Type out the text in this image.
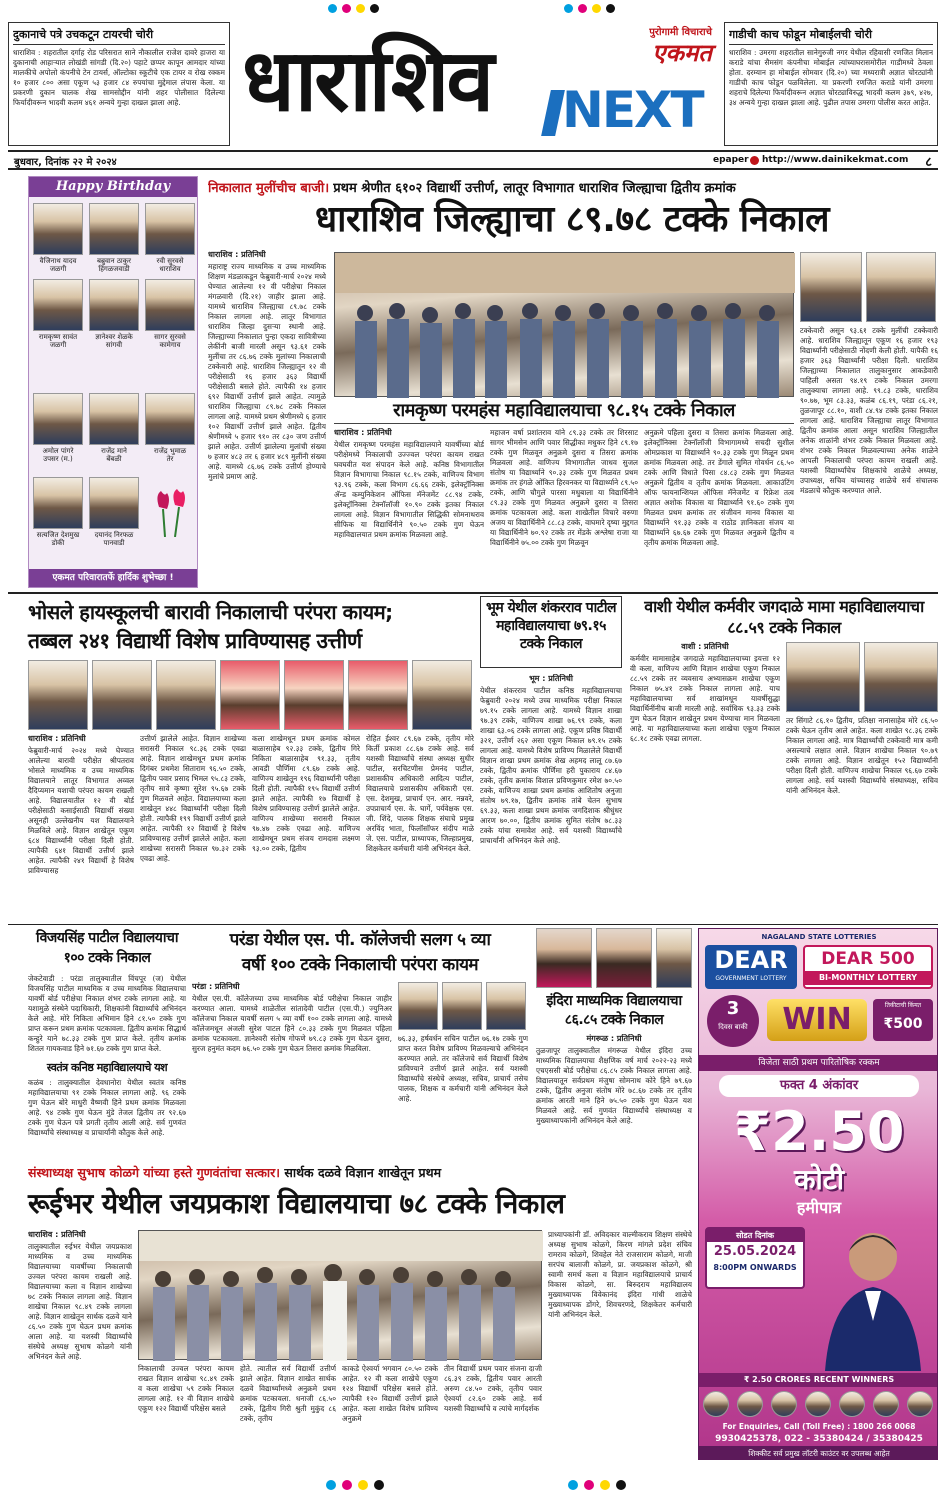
दुकानाचे पत्रे उचकटून टायरची चोरी
धाराशिव : शहरातील दर्गाह रोड परिसरात साने नौकालील राजेश दावरे हाजरा या दुकानाची आहाऱ्यात लोखंडी सांगडी (दि.२०) पहाटे छप्पर कापून आमदार यांच्या मालकीचे अपोलो कंपनीचे टेन टायर्स, ऑल्टोका स्कूटीचे एक टायर व रोख रक्कम १० हजार ८०० असा एकूण ५३ हजार ८४ रुपयांचा मुद्देमाल लंपास केला. या प्रकरणी दुकान चालक शेख सामसोद्दीन यांनी शहर पोलीसात दिलेल्या फिर्यादीवरून भादवी कलम ४६१ अन्वये गुन्हा दाखल झाला आहे. धाराशिव	पुरोगामी विचाराचे
एकमत
NEXT
गाडीची काच फोडून मोबाईलची चोरी
धाराशिव : उमरगा शहरातील सानेगुरुजी नगर येथील रहिवासी रणजित मिलान कराडे यांचा सैमसंग कंपनीचा मोबाईल त्यांच्याघरासमोरील गाडीमध्ये ठेवला होता. दरम्यान हा मोबाईल सोमवार (दि.२०) च्या मध्यरात्री अज्ञात चोरट्यांनी गाडीची काच फोडून पळविलेला. या प्रकरणी रणजित कराडे यांनी उमरगा शहराचे दिलेल्या फिर्यादीवरून अज्ञात चोरट्याविरुद्ध भादवी कलम ३७९, ४२७, ३४ अन्वये गुन्हा दाखल झाला आहे. पुढील तपास उमरगा पोलीस करत आहेत.
बुधवार, दिनांक २२ मे २०२४	epaper http://www.dainikekmat.com ८
Happy Birthday
वैजिनाथ यादव
जळगी
बब्रुवान ठाकुर
हिंगळजवाडी
रवी सुरवसे
धाराशिव
रामकृष्ण सावंत
जळगी
ज्ञानेश्वर शेळके
सांगवी
सागर सुरवसे
कामेगाव
अमोल पांगरे
उपसर (म.)
राजेंद्र माने
बेंबळी
राजेंद्र भुमाळ
तेर
सत्यजित देशमुख
डोकी
दयानंद निरफळ
पानवाडी
एकमत परिवारातर्फे हार्दिक शुभेच्छा !
निकालात मुलींचीच बाजी। प्रथम श्रेणीत ६१०२ विद्यार्थी उत्तीर्ण, लातूर विभागात धाराशिव जिल्ह्याचा द्वितीय क्रमांक
धाराशिव जिल्ह्याचा ८९.७८ टक्के निकाल
धाराशिव : प्रतिनिधी
महाराष्ट्र राज्य माध्यमिक व उच्च माध्यमिक शिक्षण मंडळाकडून फेब्रुवारी-मार्च २०२४ मध्ये घेण्यात आलेल्या १२ वी परीक्षेचा निकाल मंगळवारी (दि.२१) जाहीर झाला आहे. यामध्ये धाराशिव जिल्ह्याचा ८९.७८ टक्के निकाल लागला आहे. लातूर विभागात धाराशिव जिल्हा दुसऱ्या स्थानी आहे. जिल्ह्याच्या निकालात पुन्हा एकदा सावित्रीच्या लेकींनी बाजी मारली असून ९३.६१ टक्के मुलींचा तर ८६.७६ टक्के मुलांच्या निकालाची टक्केवारी आहे. धाराशिव जिल्ह्यातून १२ वी परीक्षेसाठी १६ हजार ३६३ विद्यार्थी परीक्षेसाठी बसले होते. त्यापैकी १४ हजार ६९२ विद्यार्थी उत्तीर्ण झाले आहेत. त्यामुळे धाराशिव जिल्ह्याचा ८९.७८ टक्के निकाल लागला आहे. यामध्ये प्रथम श्रेणीमध्ये ६ हजार १०२ विद्यार्थी उत्तीर्ण झाले आहेत. द्वितीय श्रेणीमध्ये ५ हजार ९१० तर ८३० जण उत्तीर्ण झाले आहेत. उत्तीर्ण झालेल्या मुलांची संख्या ७ हजार ४८३ तर ६ हजार ४८९ मुलींनी संख्या आहे. यामध्ये ८६.७६ टक्के उत्तीर्ण होण्याचे मुलांचे प्रमाण आहे.
रामकृष्ण परमहंस महाविद्यालयाचा ९८.१५ टक्के निकाल
धाराशिव : प्रतिनिधी
येथील रामकृष्ण परमहंस महाविद्यालयाने यावर्षीच्या बोर्ड परीक्षेमध्ये निकालाची उज्ज्वल परंपरा कायम राखत घवघवीत यश संपादन केले आहे. कनिष्ठ विभागातील विज्ञान विभागाचा निकाल ९८.१५ टक्के, वाणिज्य विभाग ९३.९६ टक्के, कला विभाग ८६.६६ टक्के, इलेक्ट्रॉनिक्स ॲन्ड कम्युनिकेशन ऑफिस मॅनेजमेंट ८८.९४ टक्के, इलेक्ट्रॉनिक्स टेक्नॉलॉजी १०.९० टक्के इतका निकाल लागला आहे. विज्ञान विभागातील सिद्धिकी सोमनाथराव सीफिक या विद्यार्थिनीने ९०.५० टक्के गुण घेऊन महाविद्यालयात प्रथम क्रमांक मिळवला आहे.
महाजन वर्षा प्रशांतराव यांने ८९.३३ टक्के तर शिरसाट सागर भीमसेन आणि पवार सिद्धीका मधुकर हिने ८९.१७ टक्के गुण मिळवून अनुक्रमे दुसरा व तिसरा क्रमांक मिळवला आहे. वाणिज्य विभागातील जाधव सुजल संतोष या विद्यार्थ्याने ९०.३३ टक्के गुण मिळवत प्रथम क्रमांक तर हंगळे ओंकित हिरवनकर या विद्यार्थ्याने ८९.५० टक्के, आणि चौगुले पारसा मधुबाला या विद्यार्थिनीने ८९.३३ टक्के गुण मिळवत अनुक्रमे दुसरा व तिसरा क्रमांक पटकावला आहे. कला शाखेतील विचारे वरुणा अजय या विद्यार्थिनीने ८८.८३ टक्के, वाघमारे दृष्या मुद्दगत या विद्यार्थिनीने ७०.९२ टक्के तर मेंडके अश्लेषा राजा या विद्यार्थिनीने ७५.०० टक्के गुण मिळवून
अनुक्रमे पहिला दुसरा व तिसरा क्रमांक मिळवला आहे. इलेक्ट्रॉनिक्स टेक्नॉलॉजी विभागामध्ये सचदी सुशील ओमप्रकाश या विद्यार्थ्याने ९०.३३ टक्के गुण मिळून प्रथम क्रमांक मिळवला आहे. तर डेंगाले सुमित गोवर्धन ८६.५० टक्के आणि विधाते पिसा ८४.८३ टक्के गुण मिळवत अनुक्रमे द्वितीय व तृतीय क्रमांक मिळवला. आकाउंटिंग ऑफ फायनान्शियल ऑफिस मॅनेजमेंट व रिफ्रेश तत्व अज्ञात अशोक विकास या विद्यार्थ्याने ९१.६० टक्के गुण मिळवत प्रथम क्रमांक तर संजीवन मानव विकास या विद्यार्थ्याने ९१.३३ टक्के व राठोड ज्ञानिकता संजय या विद्यार्थ्याने ६७.६७ टक्के गुण मिळवत अनुक्रमे द्वितीय व तृतीय क्रमांक मिळवला आहे.
टक्केवारी असून ९३.६१ टक्के मुलींची टक्केवारी आहे. धाराशिव जिल्ह्यातून एकूण १६ हजार १९३ विद्यार्थ्यांनी परीक्षेसाठी नोंदणी केली होती. यापैकी १६ हजार ३६३ विद्यार्थ्यांनी परीक्षा दिली. धाराशिव जिल्ह्याच्या निकालात तालुकानुसार आकडेवारी पाहिली असता ९४.१९ टक्के निकाल उमरगा तालुक्याचा लागला आहे. ९९.८३ टक्के, धाराशिव ९०.७७, भूम ८३.३३, कळंब ८६.१९, परंडा ८६.२१, तुळजापूर ८८.१०, वाशी ८४.९४ टक्के इतका निकाल लागला आहे. धाराशिव जिल्ह्याचा लातूर विभागात द्वितीय क्रमांक आला असून धाराशिव जिल्ह्यातील अनेक शाळांनी शंभर टक्के निकाल मिळवला आहे. शंभर टक्के निकाल मिळवल्याच्या अनेक शाळेने आपली निकालाची परंपरा कायम राखली आहे. यशस्वी विद्यार्थ्यांचेच शिक्षकांचे शाळेचे अध्यक्ष, उपाध्यक्ष, सचिव यांच्यासह शाळेचे सर्व संचालक मंडळाचे कौतुक करण्यात आले.
भोसले हायस्कूलची बारावी निकालाची परंपरा कायम;
तब्बल २४१ विद्यार्थी विशेष प्राविण्यासह उत्तीर्ण
धाराशिव : प्रतिनिधी
फेब्रुवारी-मार्च २०२४ मध्ये घेण्यात आलेल्या बारावी परीक्षेत श्रीपतराव भोसले माध्यमिक व उच्च माध्यमिक विद्यालयाने लातूर विभागात अव्वल दैदिप्यमान यशाची परंपरा कायम राखली आहे. विद्यालयातील १२ वी बोर्ड परीक्षेसाठी कसाईसाठी विद्यार्थी संख्या असूनही उल्लेखनीय यश विद्यालयाने मिळविले आहे. विज्ञान शाखेतून एकूण ६८४ विद्यार्थ्यांनी परीक्षा दिली होती. त्यापैकी ६४१ विद्यार्थी उत्तीर्ण झाले आहेत. त्यापैकी २४१ विद्यार्थी हे विशेष प्राविण्यासह
उत्तीर्ण झालेले आहेत. विज्ञान शाखेच्या सरासरी निकाल ९८.३६ टक्के एवढा आहे. विज्ञान शाखेमधून प्रथम क्रमांक दिगंबर प्रथमेश सिताराम ९६.५० टक्के, द्वितीय पवार प्रसाद भिमल ९५.८३ टक्के, तृतीय सावे कृष्णा सुरेश ९५.६७ टक्के गुण मिळवले आहेत. विद्यालयाच्या कला शाखेतून ४४८ विद्यार्थ्यांनी परीक्षा दिली होती. त्यापैकी १९९ विद्यार्थी उत्तीर्ण झाले आहेत. त्यापैकी १२ विद्यार्थी हे विशेष प्राविण्यासह उत्तीर्ण झालेले आहेत. कला शाखेच्या सरासरी निकाल ९७.३२ टक्के एवढा आहे.
कला शाखेमधून प्रथम क्रमांक कोमल बाळासाहेब ९२.३३ टक्के, द्वितीय गिरे निकिता बाळासाहेब ९१.३३, तृतीय आवडी पौर्णिमा ८९.६७ टक्के आहे. वाणिज्य शाखेतून १९६ विद्यार्थ्यांनी परीक्षा दिली होती. त्यापैकी १९५ विद्यार्थी उत्तीर्ण झाले आहेत. त्यापैकी १७ विद्यार्थी हे विशेष प्राविण्यासह उत्तीर्ण झालेले आहेत. वाणिज्य शाखेच्या सरासरी निकाल ९७.४७ टक्के एवढा आहे. वाणिज्य शाखेमधून प्रथम संजय रामदास लक्ष्मण ९३.०० टक्के, द्वितीय
रोहित ईश्वर ८९.६७ टक्के, तृतीय मोरे किर्ती प्रकाश ८८.६७ टक्के आहे. सर्व यशस्वी विद्यार्थ्यांचे संस्था अध्यक्ष सुधीर पाटील, सरचिटणीस प्रेमनंद पाटील, प्रशासकीय अधिकारी आदित्य पाटील, विद्यालयाचे प्रशासकीय अधिकारी एस. एस. देशमुख, प्राचार्य एन. आर. नन्नवरे, उपप्राचार्य एस. के. घार्गे, पर्यवेक्षक एस. जी. शिंदे, पालक शिक्षक संघाचे प्रमुख अरविंद भाता, फिलॉसॉफर संदीप माळे जे. एस. पाटील, प्राध्यापक, जिल्हाप्रमुख, शिक्षकेतर कर्मचारी यांनी अभिनंदन केले.
भूम येथील शंकरराव पाटील महाविद्यालयाचा ७९.१५ टक्के निकाल
भूम : प्रतिनिधी
येथील शंकरराव पाटील कनिष्ठ महाविद्यालयाचा फेब्रुवारी २०२४ मध्ये उच्च माध्यमिक परीक्षा निकाल ७९.१५ टक्के लागला आहे. यामध्ये विज्ञान शाखा ९७.३९ टक्के, वाणिज्य शाखा ७६.९९ टक्के, कला शाखा ६३.०६ टक्के लागला आहे. एकूण प्रविष्ठ विद्यार्थी ३२१, उत्तीर्ण २६२ असा एकूण निकाल ७९.१५ टक्के लागला आहे. यामध्ये विशेष प्राविण्य मिळालेले विद्यार्थी विज्ञान शाखा प्रथम क्रमांक शेख अहमद लालू ८७.६७ टक्के, द्वितीय क्रमांक पौर्णिमा हरी पुकाराय ८४.६७ टक्के, तृतीय क्रमांक विशाल प्रविणकुमार रमेश ७०.५० टक्के, वाणिज्य शाखा प्रथम क्रमांक आशितोष अनुजा संतोष ७९.१७, द्वितीय क्रमांक तांबे चेतन सुभाष ६९.३३, कला शाखा प्रथम क्रमांक जगदिशाक श्रीधुंधर आरण ७०.००, द्वितीय क्रमांक सुमित संतोष ७८.३३ टक्के यांचा समावेश आहे. सर्व यशस्वी विद्यार्थ्यांचे प्राचार्यांनी अभिनंदन केले आहे.
वाशी येथील कर्मवीर जगदाळे मामा महाविद्यालयाचा ८८.५९ टक्के निकाल
वाशी : प्रतिनिधी
कर्मवीर मामासाहेब जगदाळे महाविद्यालयाच्या इयत्ता १२ वी कला, वाणिज्य आणि विज्ञान शाखेचा एकूण निकाल ८८.५९ टक्के तर व्यवसाय अभ्यासक्रम शाखेचा एकूण निकाल ७५.४१ टक्के निकाल लागला आहे. याच महाविद्यालयाच्या सर्व शाखांमधून यावर्षीसुद्धा विद्यार्थिनींनीच बाजी मारली आहे. सर्वाधिक ९३.३३ टक्के गुण घेऊन विज्ञान शाखेतून प्रथम येण्याचा मान मिळवला आहे. या महाविद्यालयाच्या कला शाखेचा एकूण निकाल ६८.१८ टक्के एवढा लागला.
तर सिंगाटे ८६.१० द्वितीय, प्रतिक्षा नानासाहेब मोरे ८६.५० टक्के घेऊन तृतीय आले आहेत. कला शाखेत ९८.३६ टक्के निकाल लागला आहे. मात्र विद्यार्थ्यांची टक्केवारी मात्र कमी असल्याचे लक्षात आले. विज्ञान शाखेचा निकाल ९०.७९ टक्के लागला आहे. विज्ञान शाखेतून १५२ विद्यार्थ्यांनी परीक्षा दिली होती. वाणिज्य शाखेचा निकाल ९६.६७ टक्के लागला आहे. सर्व यशस्वी विद्यार्थ्यांचे संस्थाध्यक्ष, सचिव यांनी अभिनंदन केले.
विजयसिंह पाटील विद्यालयाचा १०० टक्के निकाल
जेकटेवाडी : परंडा तालुक्यातील विंचपूर (ज) येथील विजयसिंह पाटील माध्यमिक व उच्च माध्यमिक विद्यालयाचा यावर्षी बोर्ड परीक्षेचा निकाल शंभर टक्के लागला आहे. या यशामुळे संस्थेने पदाधिकारी, शिक्षकांनी विद्यार्थ्यांचे अभिनंदन केले आहे. मोरे निकिता अभिमान हिने ८१.५० टक्के गुण प्राप्त करून प्रथम क्रमांक पटकावला. द्वितीय क्रमांक सिद्धार्थ कन्हुरे याने ७८.३३ टक्के गुण प्राप्त केले. तृतीय क्रमांक शितल गायकवाड हिने ७१.६७ टक्के गुण प्राप्त केले.
स्वतंत्र कनिष्ठ महाविद्यालयाचे यश
कळंब : तालुक्यातील देवधानोरा येथील स्वतंत्र कनिष्ठ महाविद्यालयाचा ९१ टक्के निकाल लागला आहे. ९६ टक्के गुण घेऊन बोरे माधुरी वैष्णवी हिने प्रथम क्रमांक मिळवला आहे. ९४ टक्के गुण घेऊन मुंडे तेजल द्वितीय तर ९२.६७ टक्के गुण घेऊन पत्रे प्रगती तृतीय आली आहे. सर्व गुणवंत विद्यार्थ्यांचे संस्थाध्यक्ष व प्राचार्यांनी कौतुक केले आहे.
परंडा येथील एस. पी. कॉलेजची सलग ५ व्या
वर्षी १०० टक्के निकालाची परंपरा कायम
परंडा : प्रतिनिधी
येथील एस.पी. कॉलेजच्या उच्च माध्यमिक बोर्ड परीक्षेचा निकाल जाहीर करण्यात आला. यामध्ये शाळेतील सांतादेवी पाटील (एस.पी.) ज्युनिअर कॉलेजचा निकाल यावर्षी सलग ५ व्या वर्षी १०० टक्के लागला आहे. यामध्ये कॉलेजमधून अंजली सुरेश पाटल हिने ८०.३३ टक्के गुण मिळवत पहिला क्रमांक पटकावला. ज्ञानेश्वरी संतोष गोफणे ७९.८३ टक्के गुण घेऊन दुसरा, सुरज हनुमंत कदम ७६.५० टक्के गुण घेऊन तिसरा क्रमांक मिळविला.
७६.३३, हर्षवर्धन सचिन पाटील ७६.१७ टक्के गुण प्राप्त करत विशेष प्राविण्य मिळवल्याचे अभिनंदन करण्यात आले. तर कॉलेजचे सर्व विद्यार्थी विशेष प्राविण्याने उत्तीर्ण झाले आहेत. सर्व यशस्वी विद्यार्थ्यांचे संस्थेचे अध्यक्ष, सचिव, प्राचार्य तसेच पालक, शिक्षक व कर्मचारी यांनी अभिनंदन केले आहे.
इंदिरा माध्यमिक विद्यालयाचा ८६.८५ टक्के निकाल
मंगरूळ : प्रतिनिधी
तुळजापूर तालुक्यातील मंगरूळ येथील इंदिरा उच्च माध्यमिक विद्यालयाचा शैक्षणिक वर्ष मार्च २०२२-२३ मध्ये एचएससी बोर्ड परीक्षेचा ८६.८५ टक्के निकाल लागला आहे. विद्यालयातून सर्वप्रथम मंजुषा सोमनाथ कोरे हिने ७९.६७ टक्के, द्वितीय अनुजा संतोष मोरे ७८.६७ टक्के तर तृतीय क्रमांक आरती माने हिने ७५.५० टक्के गुण घेऊन यश मिळवले आहे. सर्व गुणवंत विद्यार्थ्यांचे संस्थाध्यक्ष व मुख्याध्यापकांनी अभिनंदन केले आहे.
NAGALAND STATE LOTTERIES
DEAR
GOVERNMENT LOTTERY
DEAR 500
BI-MONTHLY LOTTERY
3
दिवस बाकी	WIN	तिकीटाची किंमत
₹500
विजेता साठी प्रथम पारितोषिक रक्कम
फक्त 4 अंकांवर
₹2.50
कोटी
हमीपात्र
सोडत दिनांक
25.05.2024
8:00PM ONWARDS
₹ 2.50 CRORES RECENT WINNERS
For Enquiries, Call (Toll Free) : 1800 266 0068
9930425378, 022 - 35380424 / 35380425
शिक्कीट सर्व प्रमुख लॉटरी काउंटर वर उपलब्ध आहेत
संस्थाध्यक्ष सुभाष कोळगे यांच्या हस्ते गुणवंतांचा सत्कार। सार्थक दळवे विज्ञान शाखेतून प्रथम
रूईभर येथील जयप्रकाश विद्यालयाचा ७८ टक्के निकाल
धाराशिव : प्रतिनिधी
तालुक्यातील रुईभर येथील जयप्रकाश माध्यमिक व उच्च माध्यमिक विद्यालयाच्या यावर्षीच्या निकालाची उज्वल परंपरा कायम राखली आहे. विद्यालयाच्या कला व विज्ञान शाखेच्या ७८ टक्के निकाल लागला आहे. विज्ञान शाखेचा निकाल ९८.४९ टक्के लागला आहे. विज्ञान शाखेतून सार्थक दळवे याने ८६.५० टक्के गुण घेऊन प्रथम क्रमांक आला आहे. या यशस्वी विद्यार्थ्यांचे संस्थेचे अध्यक्ष सुभाष कोळगे यांनी अभिनंदन केले आहे.
प्राध्यापकांनी डॉ. अविदकार वाल्मीकराव शिक्षण संस्थेचे अध्यक्ष सुभाष कोळगे, किरण मांगले प्रदेश संचिव रामराव कोळगे, शिवहेल नेते राजसाराम कोळगे, माजी सरपंच बालाजी कोळगे, प्रा. जयप्रकाश कोळगे, श्री स्वामी समर्थ कला व विज्ञान महाविद्यालयाचे प्राचार्य विकास कोळगे, सा. बिरुदराय महाविद्यालय मुख्याध्यापक विवेकानंद इंदिरा गांधी शाळेचे मुख्याध्यापक डोंगरे, शिवचरणदे, शिक्षकेतर कर्मचारी यांनी अभिनंदन केले.
निकालाची उज्वल परंपरा कायम राखत विज्ञान शाखेचा ९८.४९ टक्के व कला शाखेचा ५९ टक्के निकाल लागला आहे. १२ वी विज्ञान शाखेचे एकूण १२२ विद्यार्थी परिक्षेस बसले
होते. त्यातील सर्व विद्यार्थी उत्तीर्ण झाले आहेत. विज्ञान शाखेत सार्थक दळवे विद्यार्थ्यांमध्ये अनुक्रमे प्रथम क्रमांक पटकावला. धनाजी ८६.५० टक्के, द्वितीय गिरी श्रुती मुकुंद ८६ टक्के, तृतीय
काकडे ऐश्वर्या भगवान ८०.५० टक्के आहेत. १२ वी कला शाखेचे एकूण १२४ विद्यार्थी परिक्षेस बसले होते. त्यापैकी १२० विद्यार्थी उत्तीर्ण झाले आहेत. कला शाखेत विशेष प्राविण्य अनुक्रमे
तीन विद्यार्थी प्रथम पवार संजना दाजी ८६.३९ टक्के, द्वितीय पवार आरती अरुण ८४.५० टक्के, तृतीय पवार ऐश्वर्या ८२.६० टक्के आहे. सर्व यशस्वी विद्यार्थ्यांचे व त्यांचे मार्गदर्शक
